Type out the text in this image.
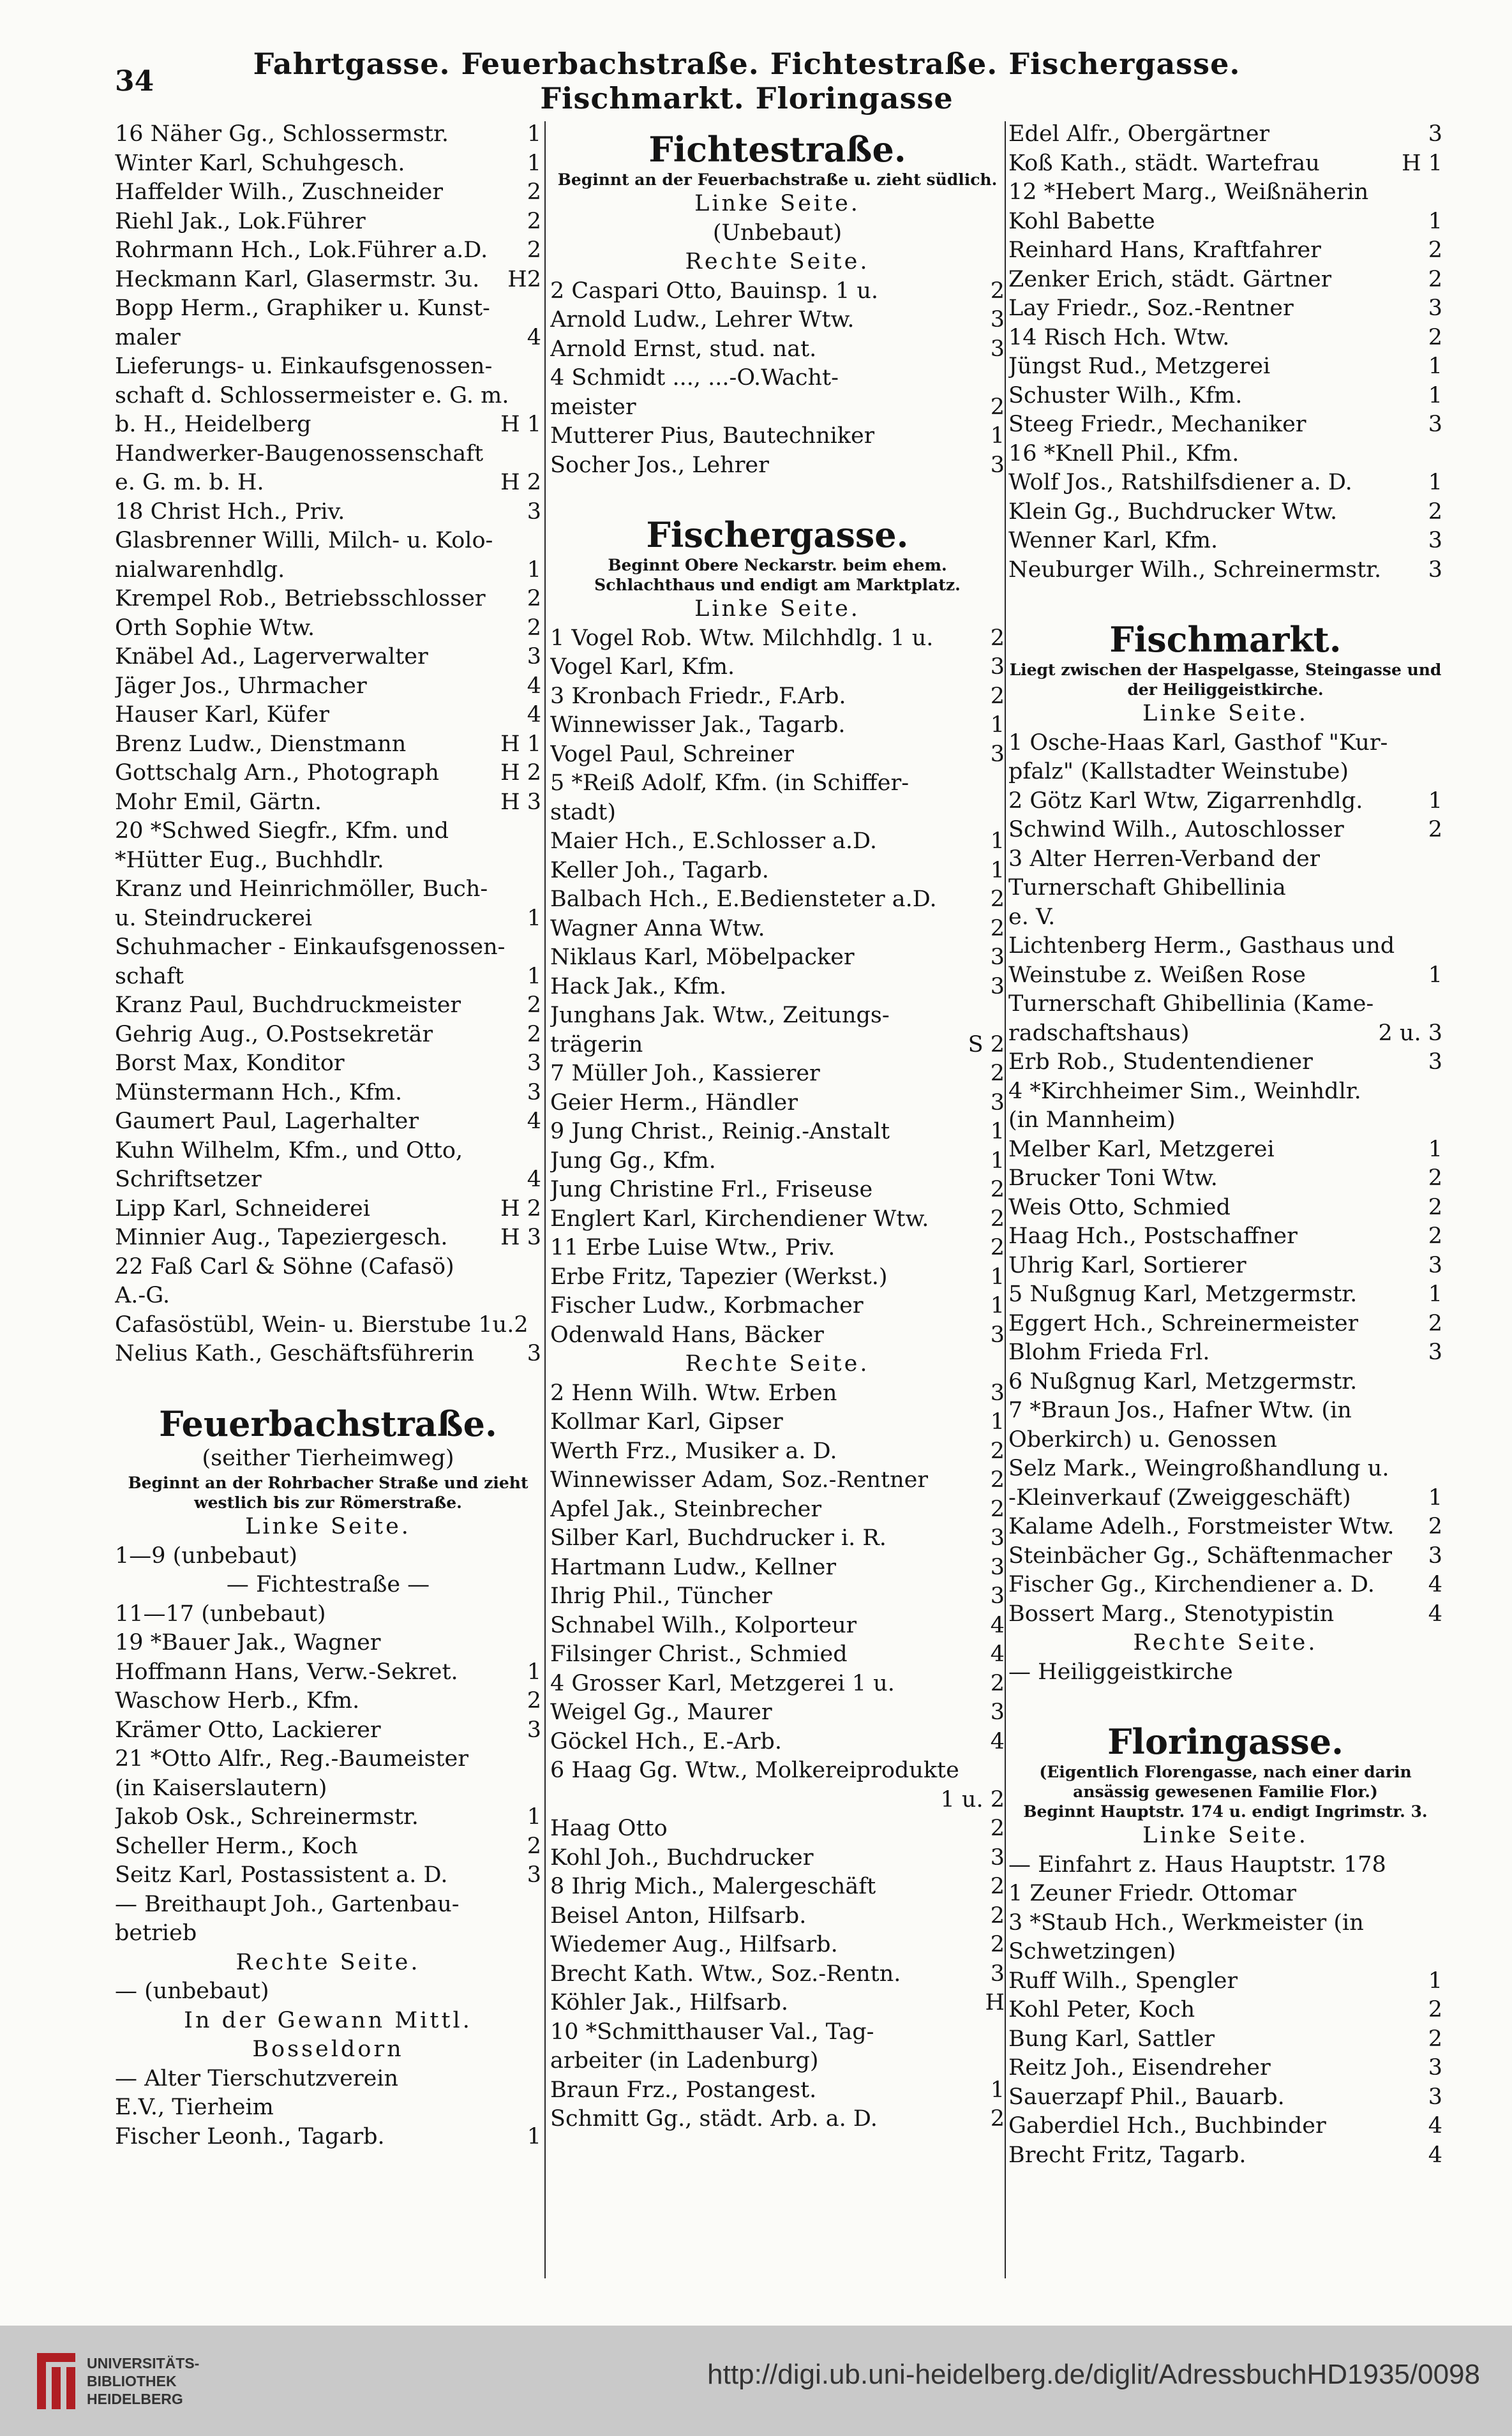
34	Fahrtgasse. Feuerbachstraße. Fichtestraße. Fischergasse. Fischmarkt. Floringasse
16 Näher Gg., Schlossermstr.	1
Winter Karl, Schuhgesch.	1
Haffelder Wilh., Zuschneider	2
Riehl Jak., Lok.Führer	2
Rohrmann Hch., Lok.Führer a.D. 2
Heckmann Karl, Glasermstr. 3u. H2
Bopp Herm., Graphiker u. Kunst-
maler	4
Lieferungs- u. Einkaufsgenossen-
schaft d. Schlossermeister e. G. m.
b. H., Heidelberg	H 1
Handwerker-Baugenossenschaft
e. G. m. b. H.	H 2
18 Christ Hch., Priv.	3
Glasbrenner Willi, Milch- u. Kolo-
nialwarenhdlg.	1
Krempel Rob., Betriebsschlosser 2
Orth Sophie Wtw.	2
Knäbel Ad., Lagerverwalter	3
Jäger Jos., Uhrmacher	4
Hauser Karl, Küfer	4
Brenz Ludw., Dienstmann	H 1
Gottschalg Arn., Photograph	H 2
Mohr Emil, Gärtn.	H 3
20 *Schwed Siegfr., Kfm. und
*Hütter Eug., Buchhdlr.
Kranz und Heinrichmöller, Buch-
u. Steindruckerei	1
Schuhmacher - Einkaufsgenossen-
schaft	1
Kranz Paul, Buchdruckmeister	2
Gehrig Aug., O.Postsekretär	2
Borst Max, Konditor	3
Münstermann Hch., Kfm.	3
Gaumert Paul, Lagerhalter	4
Kuhn Wilhelm, Kfm., und Otto,
Schriftsetzer	4
Lipp Karl, Schneiderei	H 2
Minnier Aug., Tapeziergesch. H 3
22 Faß Carl & Söhne (Cafasö)
A.-G.
Cafasöstübl, Wein- u. Bierstube 1u.2
Nelius Kath., Geschäftsführerin 3
Feuerbachstraße.
(seither Tierheimweg)
Beginnt an der Rohrbacher Straße und zieht westlich bis zur Römerstraße.
Linke Seite.
1—9 (unbebaut)
— Fichtestraße —
11—17 (unbebaut)
19 *Bauer Jak., Wagner
Hoffmann Hans, Verw.-Sekret.	1
Waschow Herb., Kfm.	2
Krämer Otto, Lackierer	3
21 *Otto Alfr., Reg.-Baumeister
(in Kaiserslautern)
Jakob Osk., Schreinermstr.	1
Scheller Herm., Koch	2
Seitz Karl, Postassistent a. D.	3
— Breithaupt Joh., Gartenbau-
betrieb
Rechte Seite.
— (unbebaut)
In der Gewann Mittl.
Bosseldorn
— Alter Tierschutzverein
E.V., Tierheim
Fischer Leonh., Tagarb.	1
Fichtestraße.
Beginnt an der Feuerbachstraße u. zieht südlich.
Linke Seite.
(Unbebaut)
Rechte Seite.
2 Caspari Otto, Bauinsp. 1 u.	2
Arnold Ludw., Lehrer Wtw.	3
Arnold Ernst, stud. nat.	3
4 Schmidt ..., ...-O.Wacht-
meister	2
Mutterer Pius, Bautechniker	1
Socher Jos., Lehrer	3
Fischergasse.
Beginnt Obere Neckarstr. beim ehem. Schlachthaus und endigt am Marktplatz.
Linke Seite.
1 Vogel Rob. Wtw. Milchhdlg. 1 u.	2
Vogel Karl, Kfm.	3
3 Kronbach Friedr., F.Arb.	2
Winnewisser Jak., Tagarb.	1
Vogel Paul, Schreiner	3
5 *Reiß Adolf, Kfm. (in Schiffer-
stadt)
Maier Hch., E.Schlosser a.D.	1
Keller Joh., Tagarb.	1
Balbach Hch., E.Bediensteter a.D. 2
Wagner Anna Wtw.	2
Niklaus Karl, Möbelpacker	3
Hack Jak., Kfm.	3
Junghans Jak. Wtw., Zeitungs-
trägerin	S 2
7 Müller Joh., Kassierer	2
Geier Herm., Händler	3
9 Jung Christ., Reinig.-Anstalt	1
Jung Gg., Kfm.	1
Jung Christine Frl., Friseuse	2
Englert Karl, Kirchendiener Wtw.	2
11 Erbe Luise Wtw., Priv.	2
Erbe Fritz, Tapezier (Werkst.)	1
Fischer Ludw., Korbmacher	1
Odenwald Hans, Bäcker	3
Rechte Seite.
2 Henn Wilh. Wtw. Erben	3
Kollmar Karl, Gipser	1
Werth Frz., Musiker a. D.	2
Winnewisser Adam, Soz.-Rentner	2
Apfel Jak., Steinbrecher	2
Silber Karl, Buchdrucker i. R.	3
Hartmann Ludw., Kellner	3
Ihrig Phil., Tüncher	3
Schnabel Wilh., Kolporteur	4
Filsinger Christ., Schmied	4
4 Grosser Karl, Metzgerei 1 u.	2
Weigel Gg., Maurer	3
Göckel Hch., E.-Arb.	4
6 Haag Gg. Wtw., Molkereiprodukte
1 u. 2
Haag Otto	2
Kohl Joh., Buchdrucker	3
8 Ihrig Mich., Malergeschäft	2
Beisel Anton, Hilfsarb.	2
Wiedemer Aug., Hilfsarb.	2
Brecht Kath. Wtw., Soz.-Rentn.	3
Köhler Jak., Hilfsarb.	H
10 *Schmitthauser Val., Tag-
arbeiter (in Ladenburg)
Braun Frz., Postangest.	1
Schmitt Gg., städt. Arb. a. D.	2
Edel Alfr., Obergärtner	3
Koß Kath., städt. Wartefrau	H 1
12 *Hebert Marg., Weißnäherin
Kohl Babette	1
Reinhard Hans, Kraftfahrer	2
Zenker Erich, städt. Gärtner	2
Lay Friedr., Soz.-Rentner	3
14 Risch Hch. Wtw.	2
Jüngst Rud., Metzgerei	1
Schuster Wilh., Kfm.	1
Steeg Friedr., Mechaniker	3
16 *Knell Phil., Kfm.
Wolf Jos., Ratshilfsdiener a. D.	1
Klein Gg., Buchdrucker Wtw.	2
Wenner Karl, Kfm.	3
Neuburger Wilh., Schreinermstr. 3
Fischmarkt.
Liegt zwischen der Haspelgasse, Steingasse und der Heiliggeistkirche.
Linke Seite.
1 Osche-Haas Karl, Gasthof "Kur-
pfalz" (Kallstadter Weinstube)
2 Götz Karl Wtw, Zigarrenhdlg.	1
Schwind Wilh., Autoschlosser	2
3 Alter Herren-Verband der
Turnerschaft Ghibellinia
e. V.
Lichtenberg Herm., Gasthaus und
Weinstube z. Weißen Rose	1
Turnerschaft Ghibellinia (Kame-
radschaftshaus)	2 u. 3
Erb Rob., Studentendiener	3
4 *Kirchheimer Sim., Weinhdlr.
(in Mannheim)
Melber Karl, Metzgerei	1
Brucker Toni Wtw.	2
Weis Otto, Schmied	2
Haag Hch., Postschaffner	2
Uhrig Karl, Sortierer	3
5 Nußgnug Karl, Metzgermstr.	1
Eggert Hch., Schreinermeister	2
Blohm Frieda Frl.	3
6 Nußgnug Karl, Metzgermstr.
7 *Braun Jos., Hafner Wtw. (in
Oberkirch) u. Genossen
Selz Mark., Weingroßhandlung u.
-Kleinverkauf (Zweiggeschäft)	1
Kalame Adelh., Forstmeister Wtw. 2
Steinbächer Gg., Schäftenmacher 3
Fischer Gg., Kirchendiener a. D. 4
Bossert Marg., Stenotypistin	4
Rechte Seite.
— Heiliggeistkirche
Floringasse.
(Eigentlich Florengasse, nach einer darin ansässig gewesenen Familie Flor.)
Beginnt Hauptstr. 174 u. endigt Ingrimstr. 3.
Linke Seite.
— Einfahrt z. Haus Hauptstr. 178
1 Zeuner Friedr. Ottomar
3 *Staub Hch., Werkmeister (in
Schwetzingen)
Ruff Wilh., Spengler	1
Kohl Peter, Koch	2
Bung Karl, Sattler	2
Reitz Joh., Eisendreher	3
Sauerzapf Phil., Bauarb.	3
Gaberdiel Hch., Buchbinder	4
Brecht Fritz, Tagarb.	4
UNIVERSITÄTS-
BIBLIOTHEK
HEIDELBERG
http://digi.ub.uni-heidelberg.de/diglit/AdressbuchHD1935/0098
